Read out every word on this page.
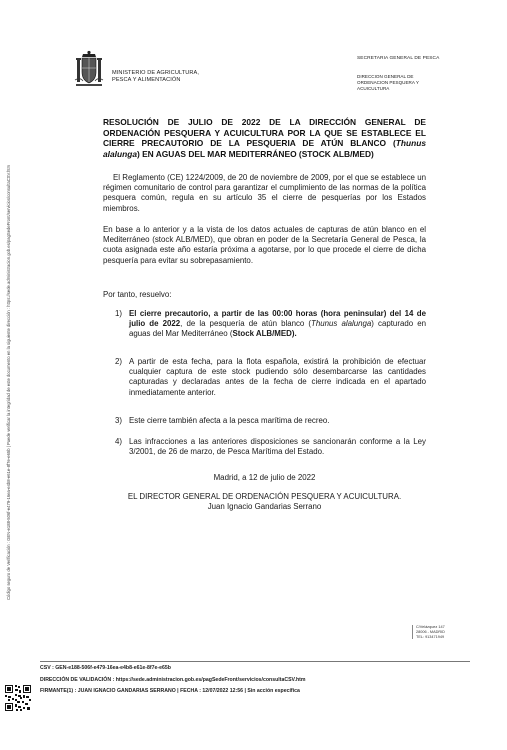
Código seguro de Verificación : GEN-e188-506f-e479-16ea-e4b8-e61e-8f7e-e65b | Puede verificar la integridad de este documento en la siguiente dirección : https://sede.administracion.gob.es/pagSedeFront/servicios/consultaCSV.htm
MINISTERIO DE AGRICULTURA,
PESCA Y ALIMENTACIÓN
SECRETARIA GENERAL DE PESCA
DIRECCION GENERAL DE
ORDENACION PESQUERA Y
ACUICULTURA
RESOLUCIÓN DE JULIO DE 2022 DE LA DIRECCIÓN GENERAL DE ORDENACIÓN PESQUERA Y ACUICULTURA POR LA QUE SE ESTABLECE EL CIERRE PRECAUTORIO DE LA PESQUERIA DE ATÚN BLANCO (Thunus alalunga) EN AGUAS DEL MAR MEDITERRÁNEO (STOCK ALB/MED)
El Reglamento (CE) 1224/2009, de 20 de noviembre de 2009, por el que se establece un régimen comunitario de control para garantizar el cumplimiento de las normas de la política pesquera común, regula en su artículo 35 el cierre de pesquerías por los Estados miembros.
En base a lo anterior y a la vista de los datos actuales de capturas de atún blanco en el Mediterráneo (stock ALB/MED), que obran en poder de la Secretaría General de Pesca, la cuota asignada este año estaría próxima a agotarse, por lo que procede el cierre de dicha pesquería para evitar su sobrepasamiento.
Por tanto, resuelvo:
1) El cierre precautorio, a partir de las 00:00 horas (hora peninsular) del 14 de julio de 2022, de la pesquería de atún blanco (Thunus alalunga) capturado en aguas del Mar Mediterráneo (Stock ALB/MED).
2) A partir de esta fecha, para la flota española, existirá la prohibición de efectuar cualquier captura de este stock pudiendo sólo desembarcarse las cantidades capturadas y declaradas antes de la fecha de cierre indicada en el apartado inmediatamente anterior.
3) Este cierre también afecta a la pesca marítima de recreo.
4) Las infracciones a las anteriores disposiciones se sancionarán conforme a la Ley 3/2001, de 26 de marzo, de Pesca Marítima del Estado.
Madrid, a 12 de julio de 2022
EL DIRECTOR GENERAL DE ORDENACIÓN PESQUERA Y ACUICULTURA.
Juan Ignacio Gandarias Serrano
C/Velázquez 147
28006 - MADRID
TEL: 913471949
CSV : GEN-e188-506f-e479-16ea-e4b8-e61e-8f7e-e65b
DIRECCIÓN DE VALIDACIÓN : https://sede.administracion.gob.es/pagSedeFront/servicios/consultaCSV.htm
FIRMANTE(1) : JUAN IGNACIO GANDARIAS SERRANO | FECHA : 12/07/2022 12:56 | Sin acción específica
